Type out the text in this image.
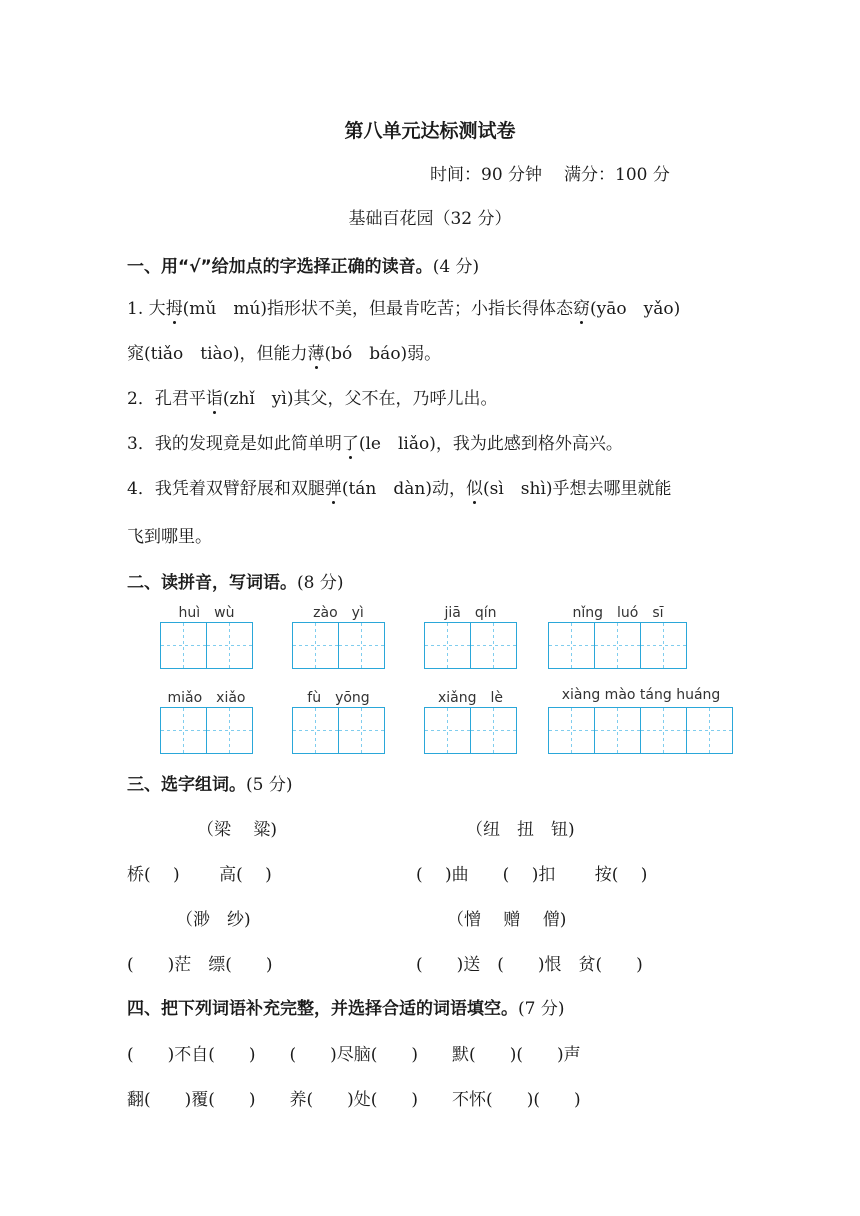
第八单元达标测试卷
时间：90 分钟 满分：100 分
基础百花园（32 分）
一、用“√”给加点的字选择正确的读音。(4 分)
1. 大拇(mǔ　mú)指形状不美，但最肯吃苦；小指长得体态窈(yāo　yǎo)
窕(tiǎo　tiào)，但能力薄(bó　báo)弱。
2．孔君平诣(zhǐ　yì)其父，父不在，乃呼儿出。
3．我的发现竟是如此简单明了(le　liǎo)，我为此感到格外高兴。
4．我凭着双臂舒展和双腿弹(tán　dàn)动，似(sì　shì)乎想去哪里就能
飞到哪里。
二、读拼音，写词语。(8 分)
huì　wù	zào　yì	jiā　qín	nǐng　luó　sī
miǎo　xiǎo	fù　yōng	xiǎng　lè	xiàng mào táng huáng
三、选字组词。(5 分)
（梁　 粱)	（纽　扭　钮)
桥(　 )　　 高(　 )	(　 )曲　　(　 )扣　　 按(　 )
（渺　纱)	（憎　 赠　 僧)
(　　)茫　缥(　　)	(　　)送　(　　)恨　贫(　　)
四、把下列词语补充完整，并选择合适的词语填空。(7 分)
(　　)不自(　　)　　(　　)尽脑(　　)　　默(　　)(　　)声
翻(　　)覆(　　)　　养(　　)处(　　)　　不怀(　　)(　　)
